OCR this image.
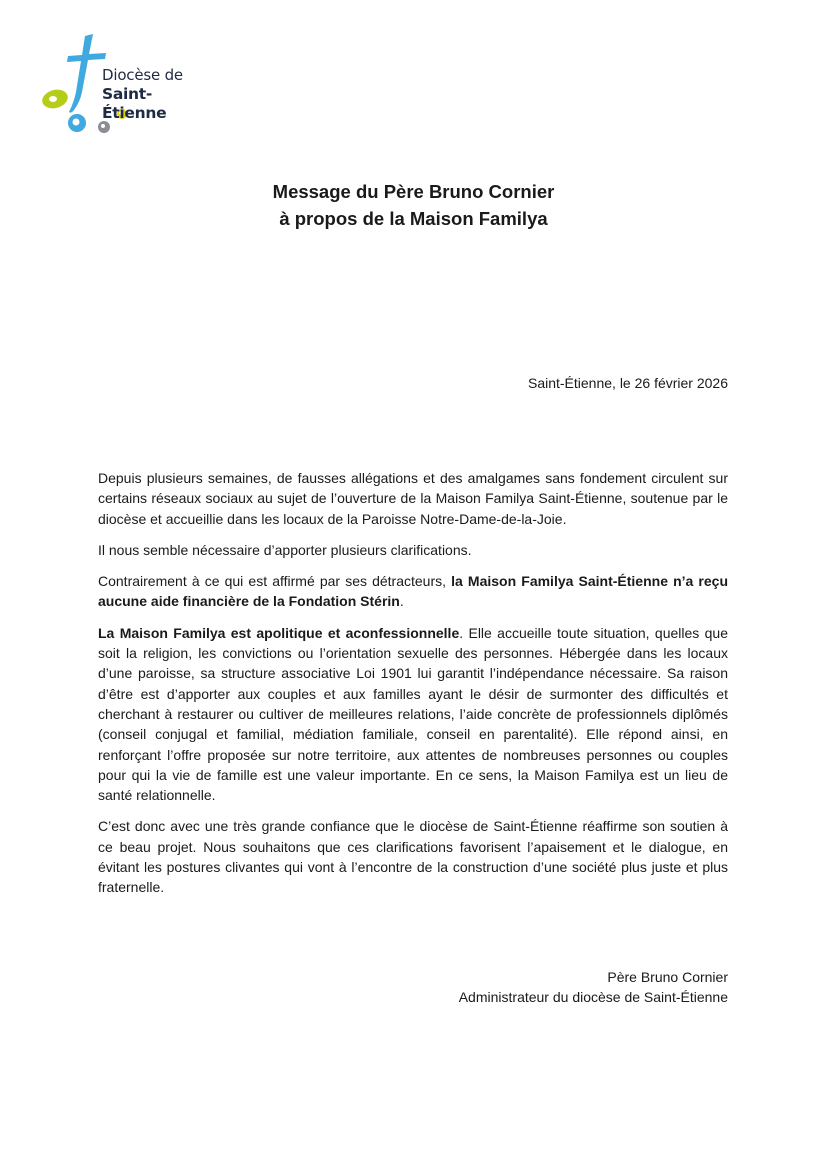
Diocèse de
Saint-Étienne
Message du Père Bruno Cornier
à propos de la Maison Familya
Saint-Étienne, le 26 février 2026

Depuis plusieurs semaines, de fausses allégations et des amalgames sans fondement circulent sur certains réseaux sociaux au sujet de l’ouverture de la Maison Familya Saint-Étienne, soutenue par le diocèse et accueillie dans les locaux de la Paroisse Notre-Dame-de-la-Joie.

Il nous semble nécessaire d’apporter plusieurs clarifications.

Contrairement à ce qui est affirmé par ses détracteurs, la Maison Familya Saint-Étienne n’a reçu aucune aide financière de la Fondation Stérin.

La Maison Familya est apolitique et aconfessionnelle. Elle accueille toute situation, quelles que soit la religion, les convictions ou l’orientation sexuelle des personnes. Hébergée dans les locaux d’une paroisse, sa structure associative Loi 1901 lui garantit l’indépendance nécessaire. Sa raison d’être est d’apporter aux couples et aux familles ayant le désir de surmonter des difficultés et cherchant à restaurer ou cultiver de meilleures relations, l’aide concrète de professionnels diplômés (conseil conjugal et familial, médiation familiale, conseil en parentalité). Elle répond ainsi, en renforçant l’offre proposée sur notre territoire, aux attentes de nombreuses personnes ou couples pour qui la vie de famille est une valeur importante. En ce sens, la Maison Familya est un lieu de santé relationnelle.

C’est donc avec une très grande confiance que le diocèse de Saint-Étienne réaffirme son soutien à ce beau projet. Nous souhaitons que ces clarifications favorisent l’apaisement et le dialogue, en évitant les postures clivantes qui vont à l’encontre de la construction d’une société plus juste et plus fraternelle.

Père Bruno Cornier
Administrateur du diocèse de Saint-Étienne
